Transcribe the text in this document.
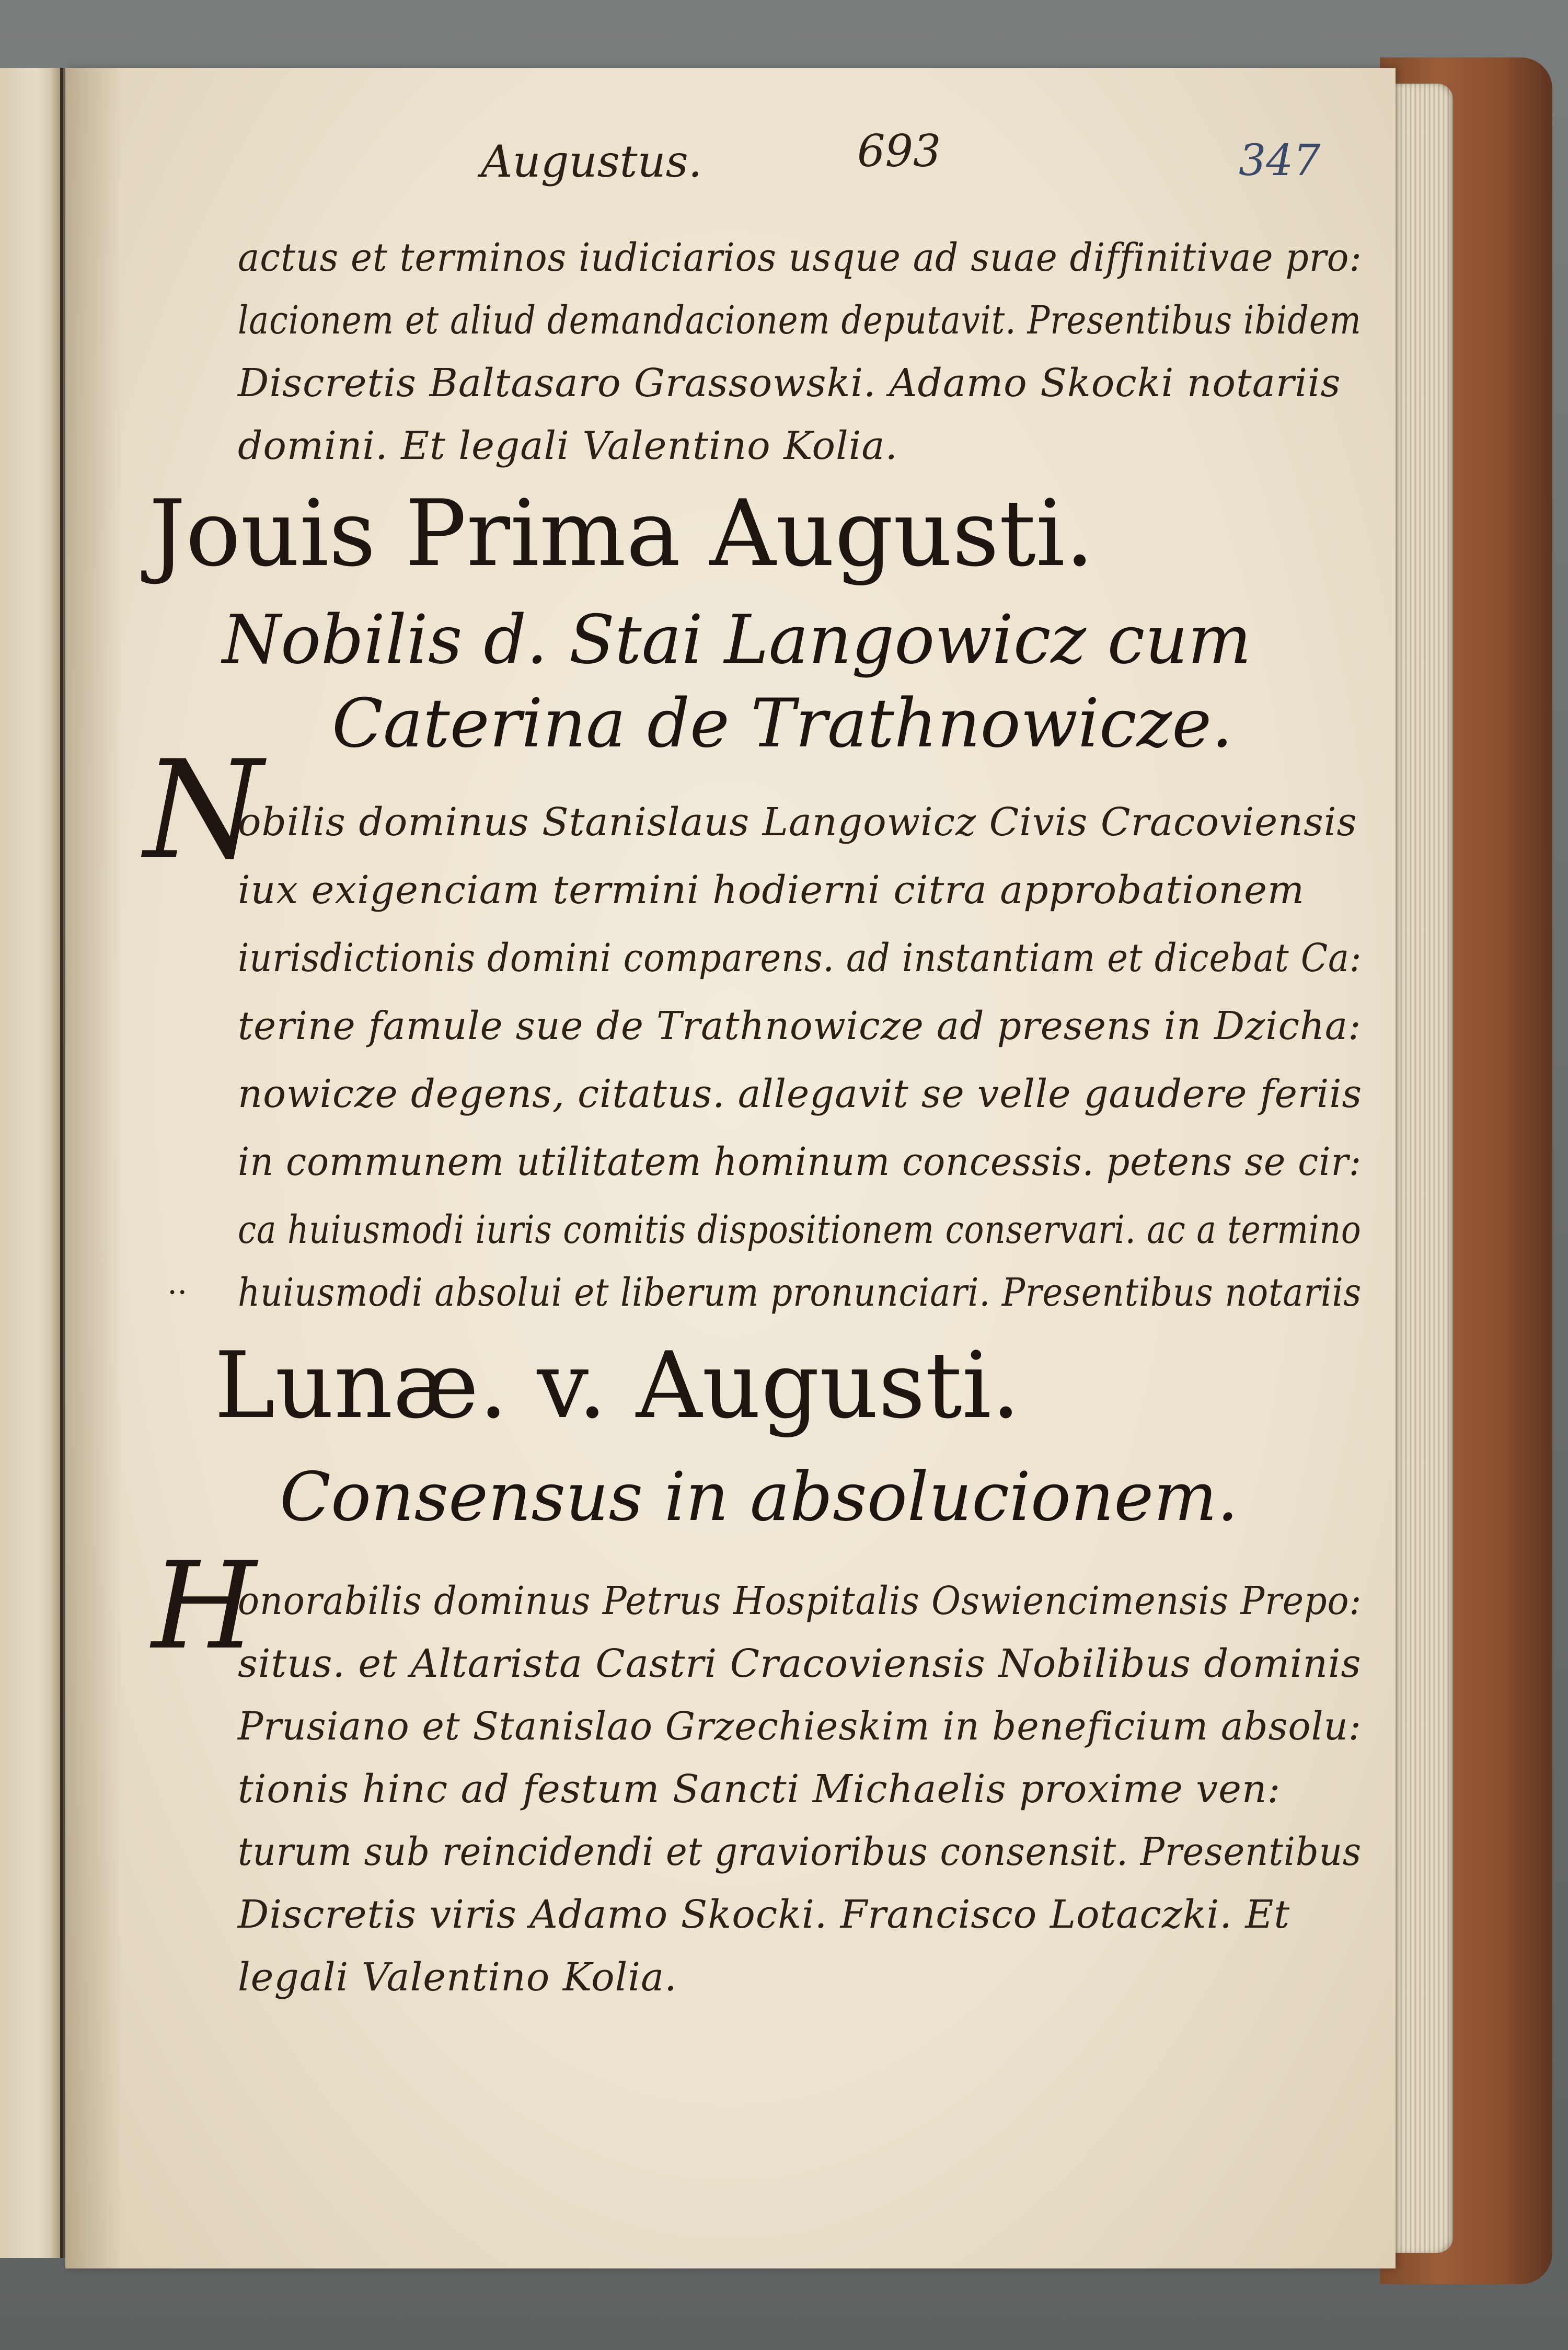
Augustus.	693	347

actus et terminos iudiciarios usque ad suae diffinitivae pro:

lacionem et aliud demandacionem deputavit. Presentibus ibidem

Discretis Baltasaro Grassowski. Adamo Skocki notariis

domini. Et legali Valentino Kolia.

Jouis Prima Augusti.

Nobilis d. Stai Langowicz cum

Caterina de Trathnowicze.

N

obilis dominus Stanislaus Langowicz Civis Cracoviensis

iux exigenciam termini hodierni citra approbationem

iurisdictionis domini comparens. ad instantiam et dicebat Ca:

terine famule sue de Trathnowicze ad presens in Dzicha:

nowicze degens, citatus. allegavit se velle gaudere feriis

in communem utilitatem hominum concessis. petens se cir:

ca huiusmodi iuris comitis dispositionem conservari. ac a termino

huiusmodi absolui et liberum pronunciari. Presentibus notariis

..

Lunæ. v. Augusti.

Consensus in absolucionem.

H

onorabilis dominus Petrus Hospitalis Oswiencimensis Prepo:

situs. et Altarista Castri Cracoviensis Nobilibus dominis

Prusiano et Stanislao Grzechieskim in beneficium absolu:

tionis hinc ad festum Sancti Michaelis proxime ven:

turum sub reincidendi et gravioribus consensit. Presentibus

Discretis viris Adamo Skocki. Francisco Lotaczki. Et

legali Valentino Kolia.
